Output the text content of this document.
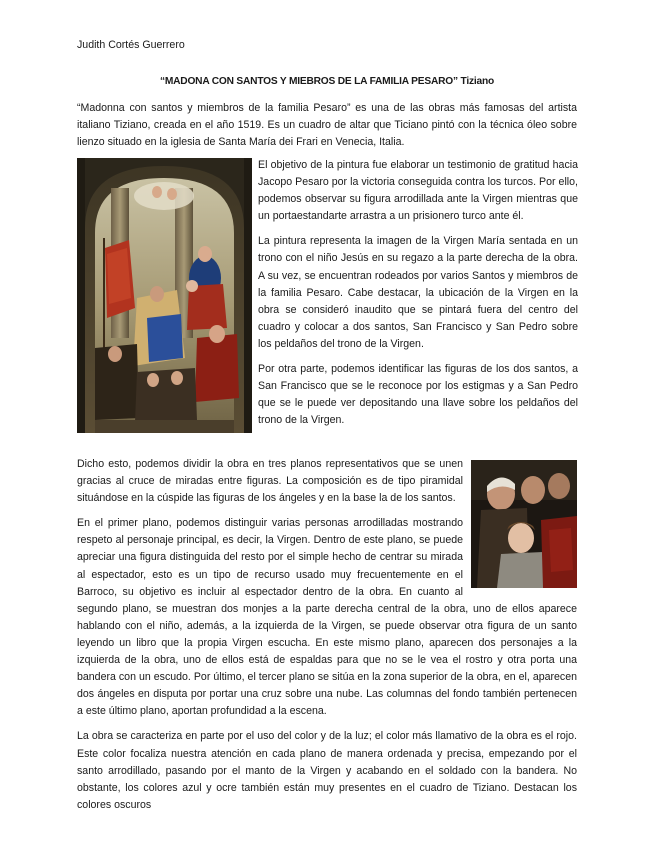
Judith Cortés Guerrero
“MADONA CON SANTOS Y MIEBROS DE LA FAMILIA PESARO” Tiziano

“Madonna con santos y miembros de la familia Pesaro” es una de las obras más famosas del artista italiano Tiziano, creada en el año 1519. Es un cuadro de altar que Ticiano pintó con la técnica óleo sobre lienzo situado en la iglesia de Santa María dei Frari en Venecia, Italia.

El objetivo de la pintura fue elaborar un testimonio de gratitud hacia Jacopo Pesaro por la victoria conseguida contra los turcos. Por ello, podemos observar su figura arrodillada ante la Virgen mientras que un portaestandarte arrastra a un prisionero turco ante él.

La pintura representa la imagen de la Virgen María sentada en un trono con el niño Jesús en su regazo a la parte derecha de la obra. A su vez, se encuentran rodeados por varios Santos y miembros de la familia Pesaro. Cabe destacar, la ubicación de la Virgen en la obra se consideró inaudito que se pintará fuera del centro del cuadro y colocar a dos santos, San Francisco y San Pedro sobre los peldaños del trono de la Virgen.

Por otra parte, podemos identificar las figuras de los dos santos, a San Francisco que se le reconoce por los estigmas y a San Pedro que se le puede ver depositando una llave sobre los peldaños del trono de la Virgen.

Dicho esto, podemos dividir la obra en tres planos representativos que se unen gracias al cruce de miradas entre figuras. La composición es de tipo piramidal situándose en la cúspide las figuras de los ángeles y en la base la de los santos.

En el primer plano, podemos distinguir varias personas arrodilladas mostrando respeto al personaje principal, es decir, la Virgen. Dentro de este plano, se puede apreciar una figura distinguida del resto por el simple hecho de centrar su mirada al espectador, esto es un tipo de recurso usado muy frecuentemente en el Barroco, su objetivo es incluir al espectador dentro de la obra. En cuanto al segundo plano, se muestran dos monjes a la parte derecha central de la obra, uno de ellos aparece hablando con el niño, además, a la izquierda de la Virgen, se puede observar otra figura de un santo leyendo un libro que la propia Virgen escucha. En este mismo plano, aparecen dos personajes a la izquierda de la obra, uno de ellos está de espaldas para que no se le vea el rostro y otra porta una bandera con un escudo. Por último, el tercer plano se sitúa en la zona superior de la obra, en el, aparecen dos ángeles en disputa por portar una cruz sobre una nube. Las columnas del fondo también pertenecen a este último plano, aportan profundidad a la escena.

La obra se caracteriza en parte por el uso del color y de la luz; el color más llamativo de la obra es el rojo. Este color focaliza nuestra atención en cada plano de manera ordenada y precisa, empezando por el santo arrodillado, pasando por el manto de la Virgen y acabando en el soldado con la bandera. No obstante, los colores azul y ocre también están muy presentes en el cuadro de Tiziano. Destacan los colores oscuros
